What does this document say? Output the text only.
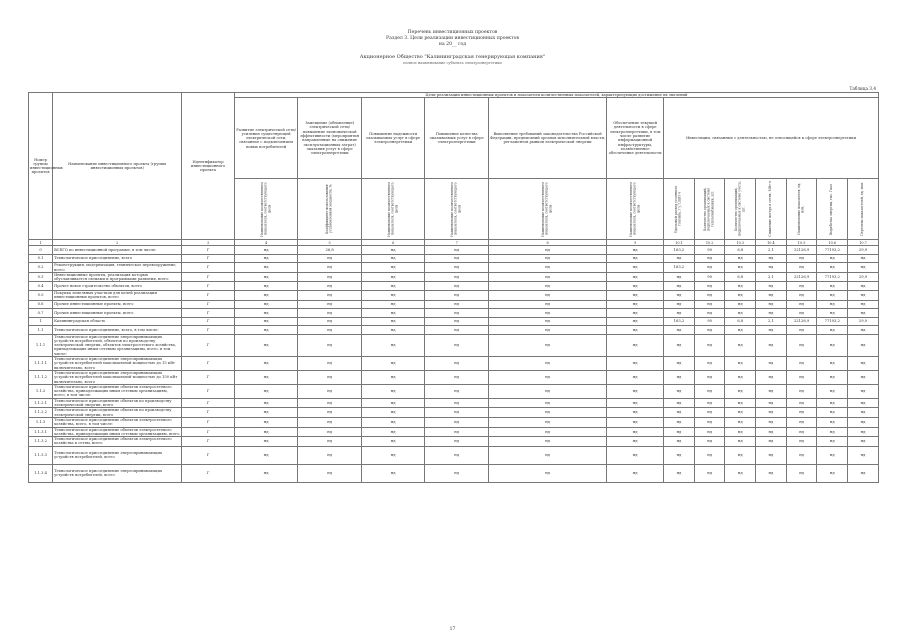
Перечень инвестиционных проектов
Раздел 3. Цели реализации инвестиционных проектов
на 20__ год
Акционерное Общество "Калининградская генерирующая компания"
полное наименование субъекта электроэнергетики
Таблица 3.4
Номер группы инвестиционных проектов	Наименование инвестиционного проекта (группы инвестиционных проектов)	Идентификатор инвестиционного проекта	Цели реализации инвестиционных проектов и показатели количественных показателей, характеризующих достижение их значений												
			Развитие электрической сети/усиление существующей электрической сети, связанное с подключением новых потребителей	Замещение (обновление) электрической сети/повышение экономической эффективности (мероприятия направленные на снижение эксплуатационных затрат) оказания услуг в сфере электроэнергетики	Повышение надежности оказываемых услуг в сфере электроэнергетики	Повышение качества оказываемых услуг в сфере электроэнергетики	Выполнение требований законодательства Российской Федерации, предписаний органов исполнительной власти, регламентов рынков электрической энергии	Обеспечение текущей деятельности в сфере электроэнергетики, в том числе развитие информационной инфраструктуры, хозяйственное обеспечение деятельности	Инвестиции, связанные с деятельностью, не относящейся к сфере электроэнергетики						

			Наименование количественного показателя, соответствующего цели	Коэффициент использования установленной мощности, %	Наименование количественного показателя, соответствующего цели	Наименование количественного показателя, соответствующего цели	Наименование количественного показателя, соответствующего цели	Наименование количественного показателя, соответствующего цели	Удельный расход условного топлива, г у.т./кВт·ч	Количество организаций, подключаемых к системе теплоснабжения, шт.	Количество организаций, подключаемых к системе учета, шт.	Снижение потерь в сетях, МВт·ч	Наименование показателя, ед. изм.	Выработка энергии, тыс. Гкал	Перечень показателей, ед. изм.

1	2	3	4	5	6	7	8	9	10.1	10.2	10.3	10.4	10.5	10.6	10.7
0	ВСЕГО по инвестиционной программе, в том числе:	Г	нд	26,8	нд	нд	нд	нд	163,2	90	6,8	2,1	22126,9	77193,2	29,9
0.1	Технологическое присоединение, всего	Г	нд	нд	нд	нд	нд	нд	нд	нд	нд	нд	нд	нд	нд
0.2	Реконструкция, модернизация, техническое перевооружение, всего	Г	нд	нд	нд	нд	нд	нд	163,2	нд	нд	нд	нд	нд	нд
0.3	Инвестиционные проекты, реализация которых обуславливается схемами и программами развития, всего	Г	нд	нд	нд	нд	нд	нд	нд	90	6,8	2,1	22126,9	77193,2	29,9
0.4	Прочее новое строительство объектов, всего	Г	нд	нд	нд	нд	нд	нд	нд	нд	нд	нд	нд	нд	нд
0.5	Покупка земельных участков для целей реализации инвестиционных проектов, всего	Г	нд	нд	нд	нд	нд	нд	нд	нд	нд	нд	нд	нд	нд
0.6	Прочие инвестиционные проекты, всего	Г	нд	нд	нд	нд	нд	нд	нд	нд	нд	нд	нд	нд	нд
0.7	Прочие инвестиционные проекты, всего	Г	нд	нд	нд	нд	нд	нд	нд	нд	нд	нд	нд	нд	нд
1	Калининградская область	Г	нд	нд	нд	нд	нд	нд	163,2	90	6,8	2,1	22126,9	77193,2	29,9
1.1	Технологическое присоединение, всего, в том числе:	Г	нд	нд	нд	нд	нд	нд	нд	нд	нд	нд	нд	нд	нд
1.1.1	Технологическое присоединение энергопринимающих устройств потребителей, объектов по производству электрической энергии, объектов электросетевого хозяйства, принадлежащих иным сетевым организациям, всего, в том числе:	Г	нд	нд	нд	нд	нд	нд	нд	нд	нд	нд	нд	нд	нд
1.1.1.1	Технологическое присоединение энергопринимающих устройств потребителей максимальной мощностью до 15 кВт включительно, всего	Г	нд	нд	нд	нд	нд	нд	нд	нд	нд	нд	нд	нд	нд
1.1.1.2	Технологическое присоединение энергопринимающих устройств потребителей максимальной мощностью до 150 кВт включительно, всего	Г	нд	нд	нд	нд	нд	нд	нд	нд	нд	нд	нд	нд	нд
1.1.2	Технологическое присоединение объектов электросетевого хозяйства, принадлежащих иным сетевым организациям, всего, в том числе:	Г	нд	нд	нд	нд	нд	нд	нд	нд	нд	нд	нд	нд	нд
1.1.2.1	Технологическое присоединение объектов по производству электрической энергии, всего	Г	нд	нд	нд	нд	нд	нд	нд	нд	нд	нд	нд	нд	нд
1.1.2.2	Технологическое присоединение объектов по производству электрической энергии, всего	Г	нд	нд	нд	нд	нд	нд	нд	нд	нд	нд	нд	нд	нд
1.1.3	Технологическое присоединение объектов электросетевого хозяйства, всего, в том числе:	Г	нд	нд	нд	нд	нд	нд	нд	нд	нд	нд	нд	нд	нд
1.1.3.1	Технологическое присоединение объектов электросетевого хозяйства, принадлежащих иным сетевым организациям, всего	Г	нд	нд	нд	нд	нд	нд	нд	нд	нд	нд	нд	нд	нд
1.1.3.2	Технологическое присоединение объектов электросетевого хозяйства к сетям, всего	Г	нд	нд	нд	нд	нд	нд	нд	нд	нд	нд	нд	нд	нд
1.1.3.3	Технологическое присоединение энергопринимающих устройств потребителей, всего	Г	нд	нд	нд	нд	нд	нд	нд	нд	нд	нд	нд	нд	нд
1.1.3.4	Технологическое присоединение энергопринимающих устройств потребителей, всего	Г	нд	нд	нд	нд	нд	нд	нд	нд	нд	нд	нд	нд	нд
17
